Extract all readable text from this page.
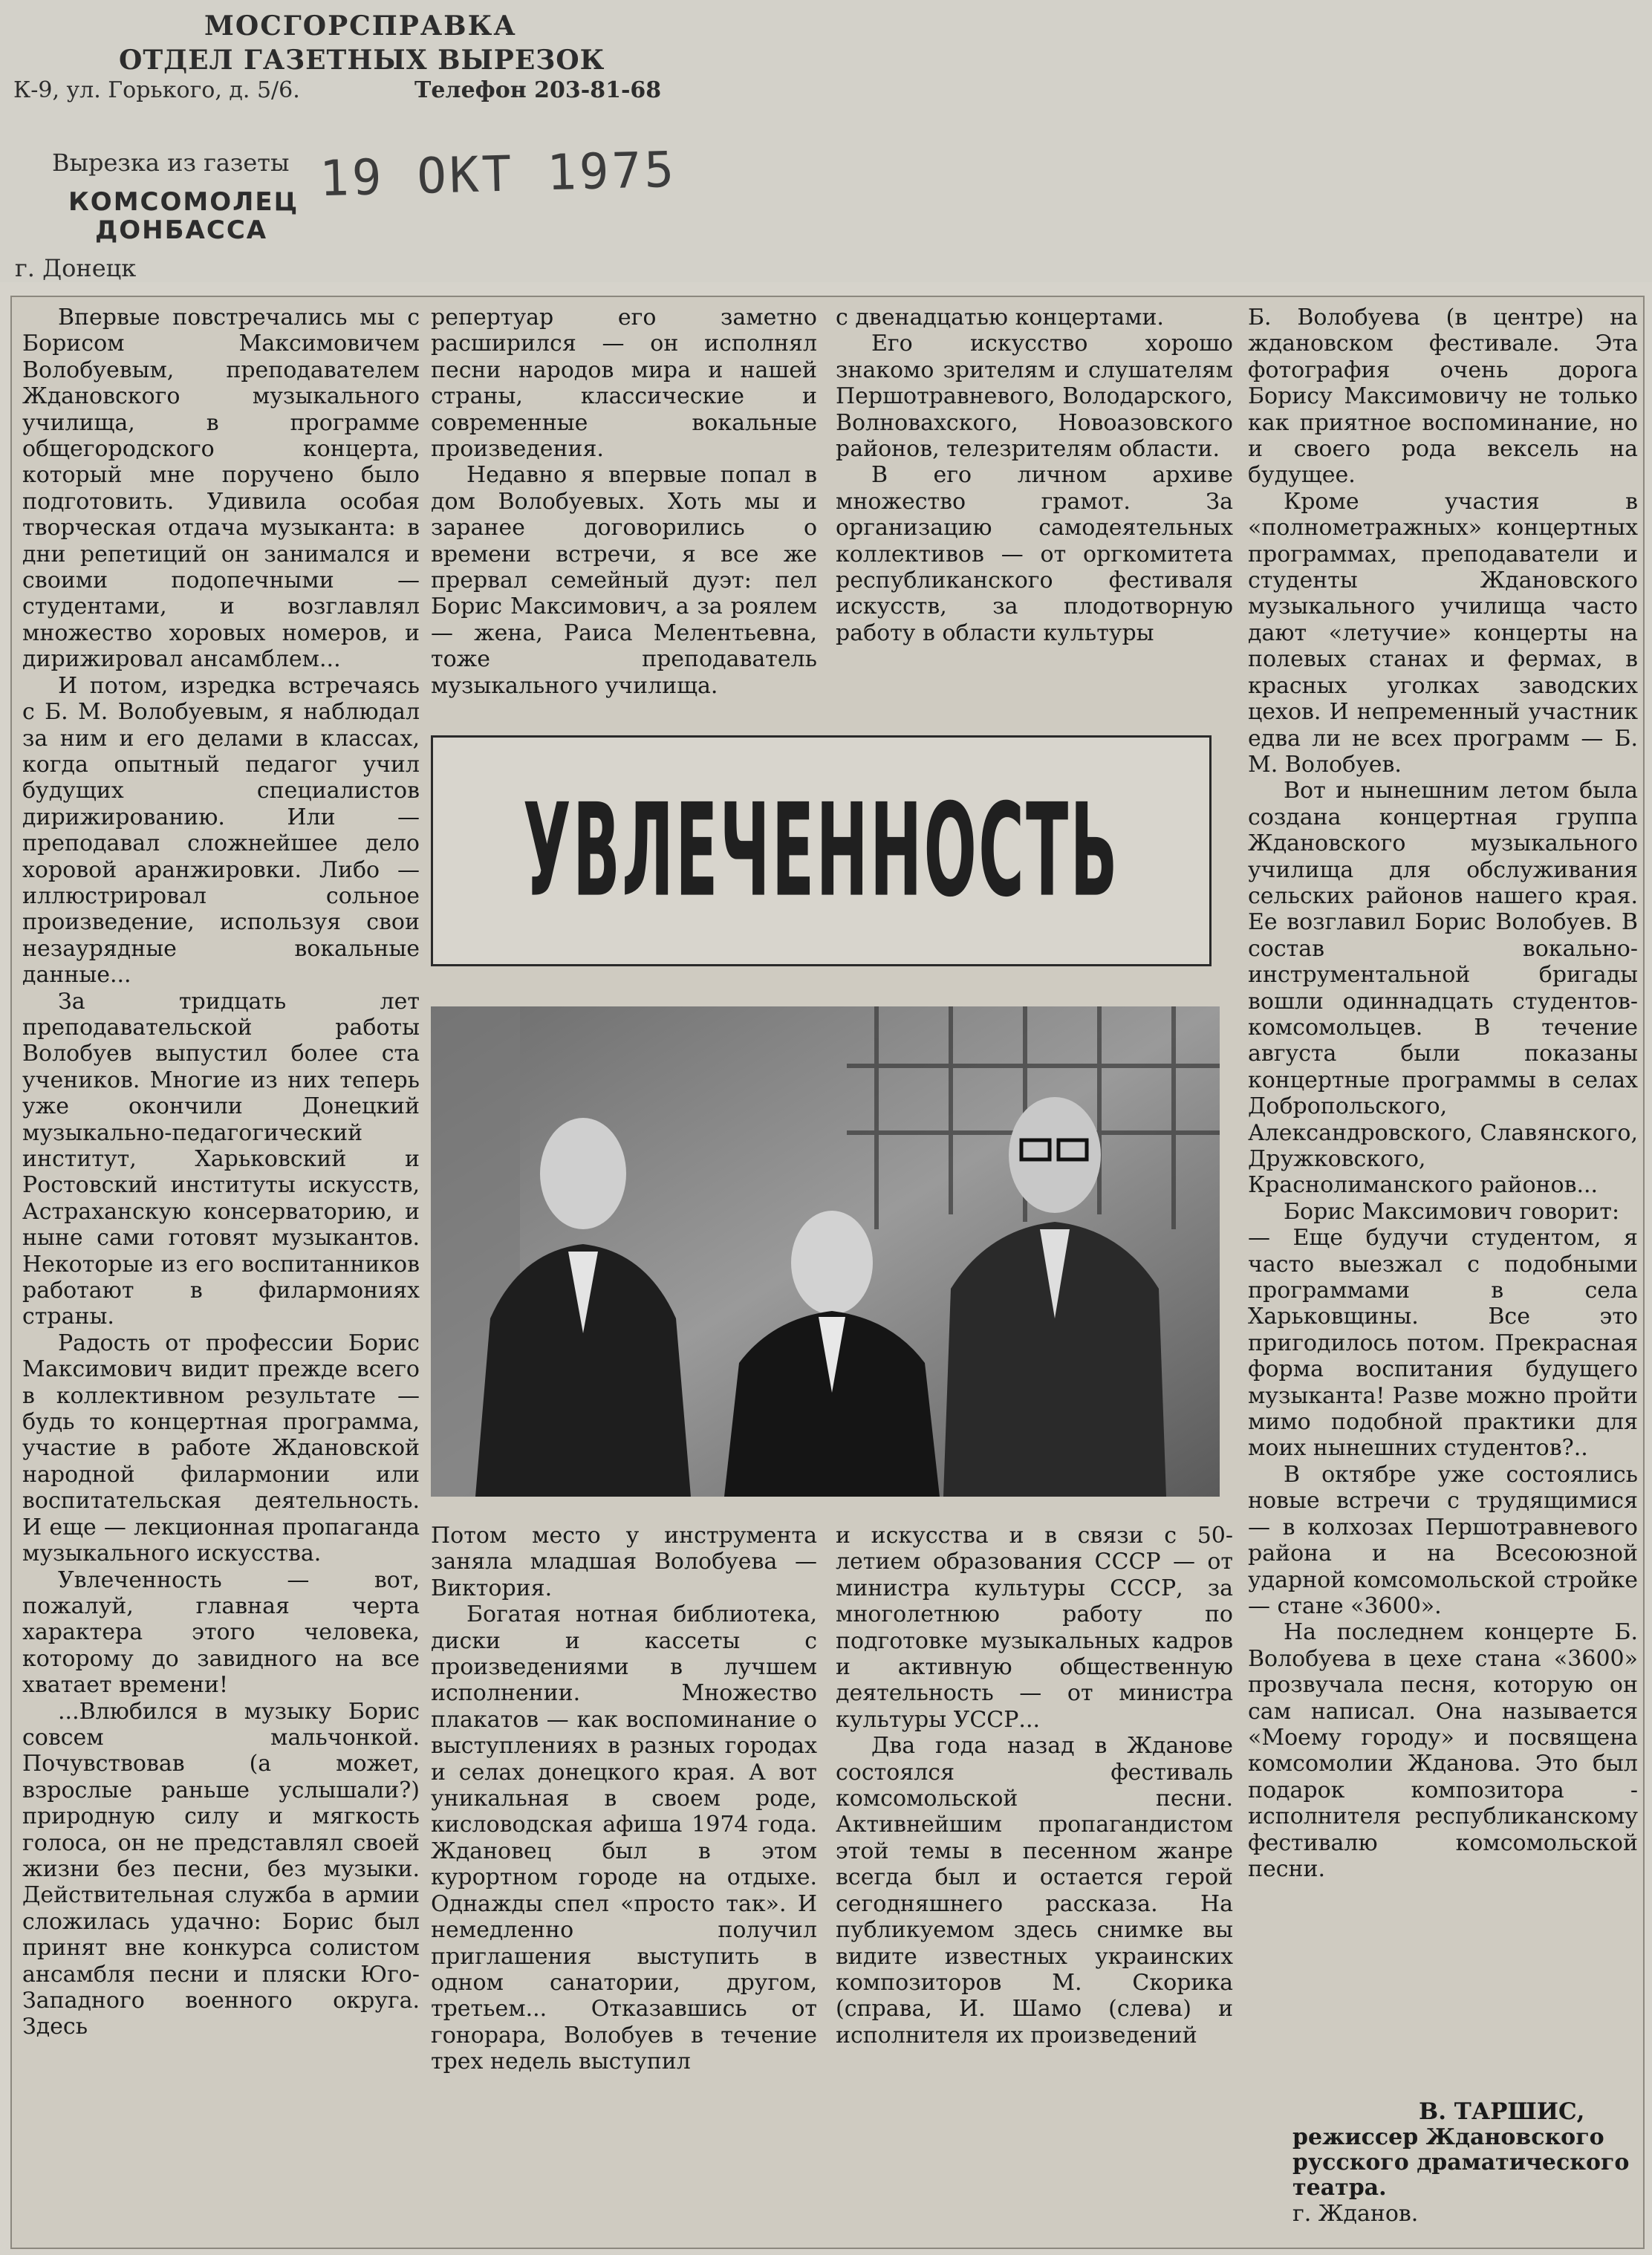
МОСГОРСПРАВКА
ОТДЕЛ ГАЗЕТНЫХ ВЫРЕЗОК
К-9, ул. Горького, д. 5/6.	Телефон 203-81-68
Вырезка из газеты 19 ОКТ 1975
КОМСОМОЛЕЦ
ДОНБАССА
г. Донецк

Впервые повстречались мы с Борисом Максимовичем Волобуевым, преподавателем Ждановского музыкального училища, в программе общегородского концерта, который мне поручено было подготовить. Удивила особая творческая отдача музыканта: в дни репетиций он занимался и своими подопечными — студентами, и возглавлял множество хоровых номеров, и дирижировал ансамблем...

И потом, изредка встречаясь с Б. М. Волобуевым, я наблюдал за ним и его делами в классах, когда опытный педагог учил будущих специалистов дирижированию. Или — преподавал сложнейшее дело хоровой аранжировки. Либо — иллюстрировал сольное произведение, используя свои незаурядные вокальные данные...

За тридцать лет преподавательской работы Волобуев выпустил более ста учеников. Многие из них теперь уже окончили Донецкий музыкально-педагогический институт, Харьковский и Ростовский институты искусств, Астраханскую консерваторию, и ныне сами готовят музыкантов. Некоторые из его воспитанников работают в филармониях страны.

Радость от профессии Борис Максимович видит прежде всего в коллективном результате — будь то концертная программа, участие в работе Ждановской народной филармонии или воспитательская деятельность. И еще — лекционная пропаганда музыкального искусства.

Увлеченность — вот, пожалуй, главная черта характера этого человека, которому до завидного на все хватает времени!

...Влюбился в музыку Борис совсем мальчонкой. Почувствовав (а может, взрослые раньше услышали?) природную силу и мягкость голоса, он не представлял своей жизни без песни, без музыки. Действительная служба в армии сложилась удачно: Борис был принят вне конкурса солистом ансамбля песни и пляски Юго-Западного военного округа. Здесь

репертуар его заметно расширился — он исполнял песни народов мира и нашей страны, классические и современные вокальные произведения.

Недавно я впервые попал в дом Волобуевых. Хоть мы и заранее договорились о времени встречи, я все же прервал семейный дуэт: пел Борис Максимович, а за роялем — жена, Раиса Мелентьевна, тоже преподаватель музыкального училища.

с двенадцатью концертами.

Его искусство хорошо знакомо зрителям и слушателям Першотравневого, Володарского, Волновахского, Новоазовского районов, телезрителям области.

В его личном архиве множество грамот. За организацию самодеятельных коллективов — от оргкомитета республиканского фестиваля искусств, за плодотворную работу в области культуры

УВЛЕЧЕННОСТЬ

Потом место у инструмента заняла младшая Волобуева — Виктория.

Богатая нотная библиотека, диски и кассеты с произведениями в лучшем исполнении. Множество плакатов — как воспоминание о выступлениях в разных городах и селах донецкого края. А вот уникальная в своем роде, кисловодская афиша 1974 года. Ждановец был в этом курортном городе на отдыхе. Однажды спел «просто так». И немедленно получил приглашения выступить в одном санатории, другом, третьем... Отказавшись от гонорара, Волобуев в течение трех недель выступил

и искусства и в связи с 50-летием образования СССР — от министра культуры СССР, за многолетнюю работу по подготовке музыкальных кадров и активную общественную деятельность — от министра культуры УССР...

Два года назад в Жданове состоялся фестиваль комсомольской песни. Активнейшим пропагандистом этой темы в песенном жанре всегда был и остается герой сегодняшнего рассказа. На публикуемом здесь снимке вы видите известных украинских композиторов М. Скорика (справа, И. Шамо (слева) и исполнителя их произведений

Б. Волобуева (в центре) на ждановском фестивале. Эта фотография очень дорога Борису Максимовичу не только как приятное воспоминание, но и своего рода вексель на будущее.

Кроме участия в «полнометражных» концертных программах, преподаватели и студенты Ждановского музыкального училища часто дают «летучие» концерты на полевых станах и фермах, в красных уголках заводских цехов. И непременный участник едва ли не всех программ — Б. М. Волобуев.

Вот и нынешним летом была создана концертная группа Ждановского музыкального училища для обслуживания сельских районов нашего края. Ее возглавил Борис Волобуев. В состав вокально-инструментальной бригады вошли одиннадцать студентов-комсомольцев. В течение августа были показаны концертные программы в селах Добропольского, Александровского, Славянского, Дружковского, Краснолиманского районов...

Борис Максимович говорит:

— Еще будучи студентом, я часто выезжал с подобными программами в села Харьковщины. Все это пригодилось потом. Прекрасная форма воспитания будущего музыканта! Разве можно пройти мимо подобной практики для моих нынешних студентов?..

В октябре уже состоялись новые встречи с трудящимися — в колхозах Першотравневого района и на Всесоюзной ударной комсомольской стройке — стане «3600».

На последнем концерте Б. Волобуева в цехе стана «3600» прозвучала песня, которую он сам написал. Она называется «Моему городу» и посвящена комсомолии Жданова. Это был подарок композитора - исполнителя республиканскому фестивалю комсомольской песни.

В. ТАРШИС,
режиссер Ждановского русского драматического театра.
г. Жданов.
